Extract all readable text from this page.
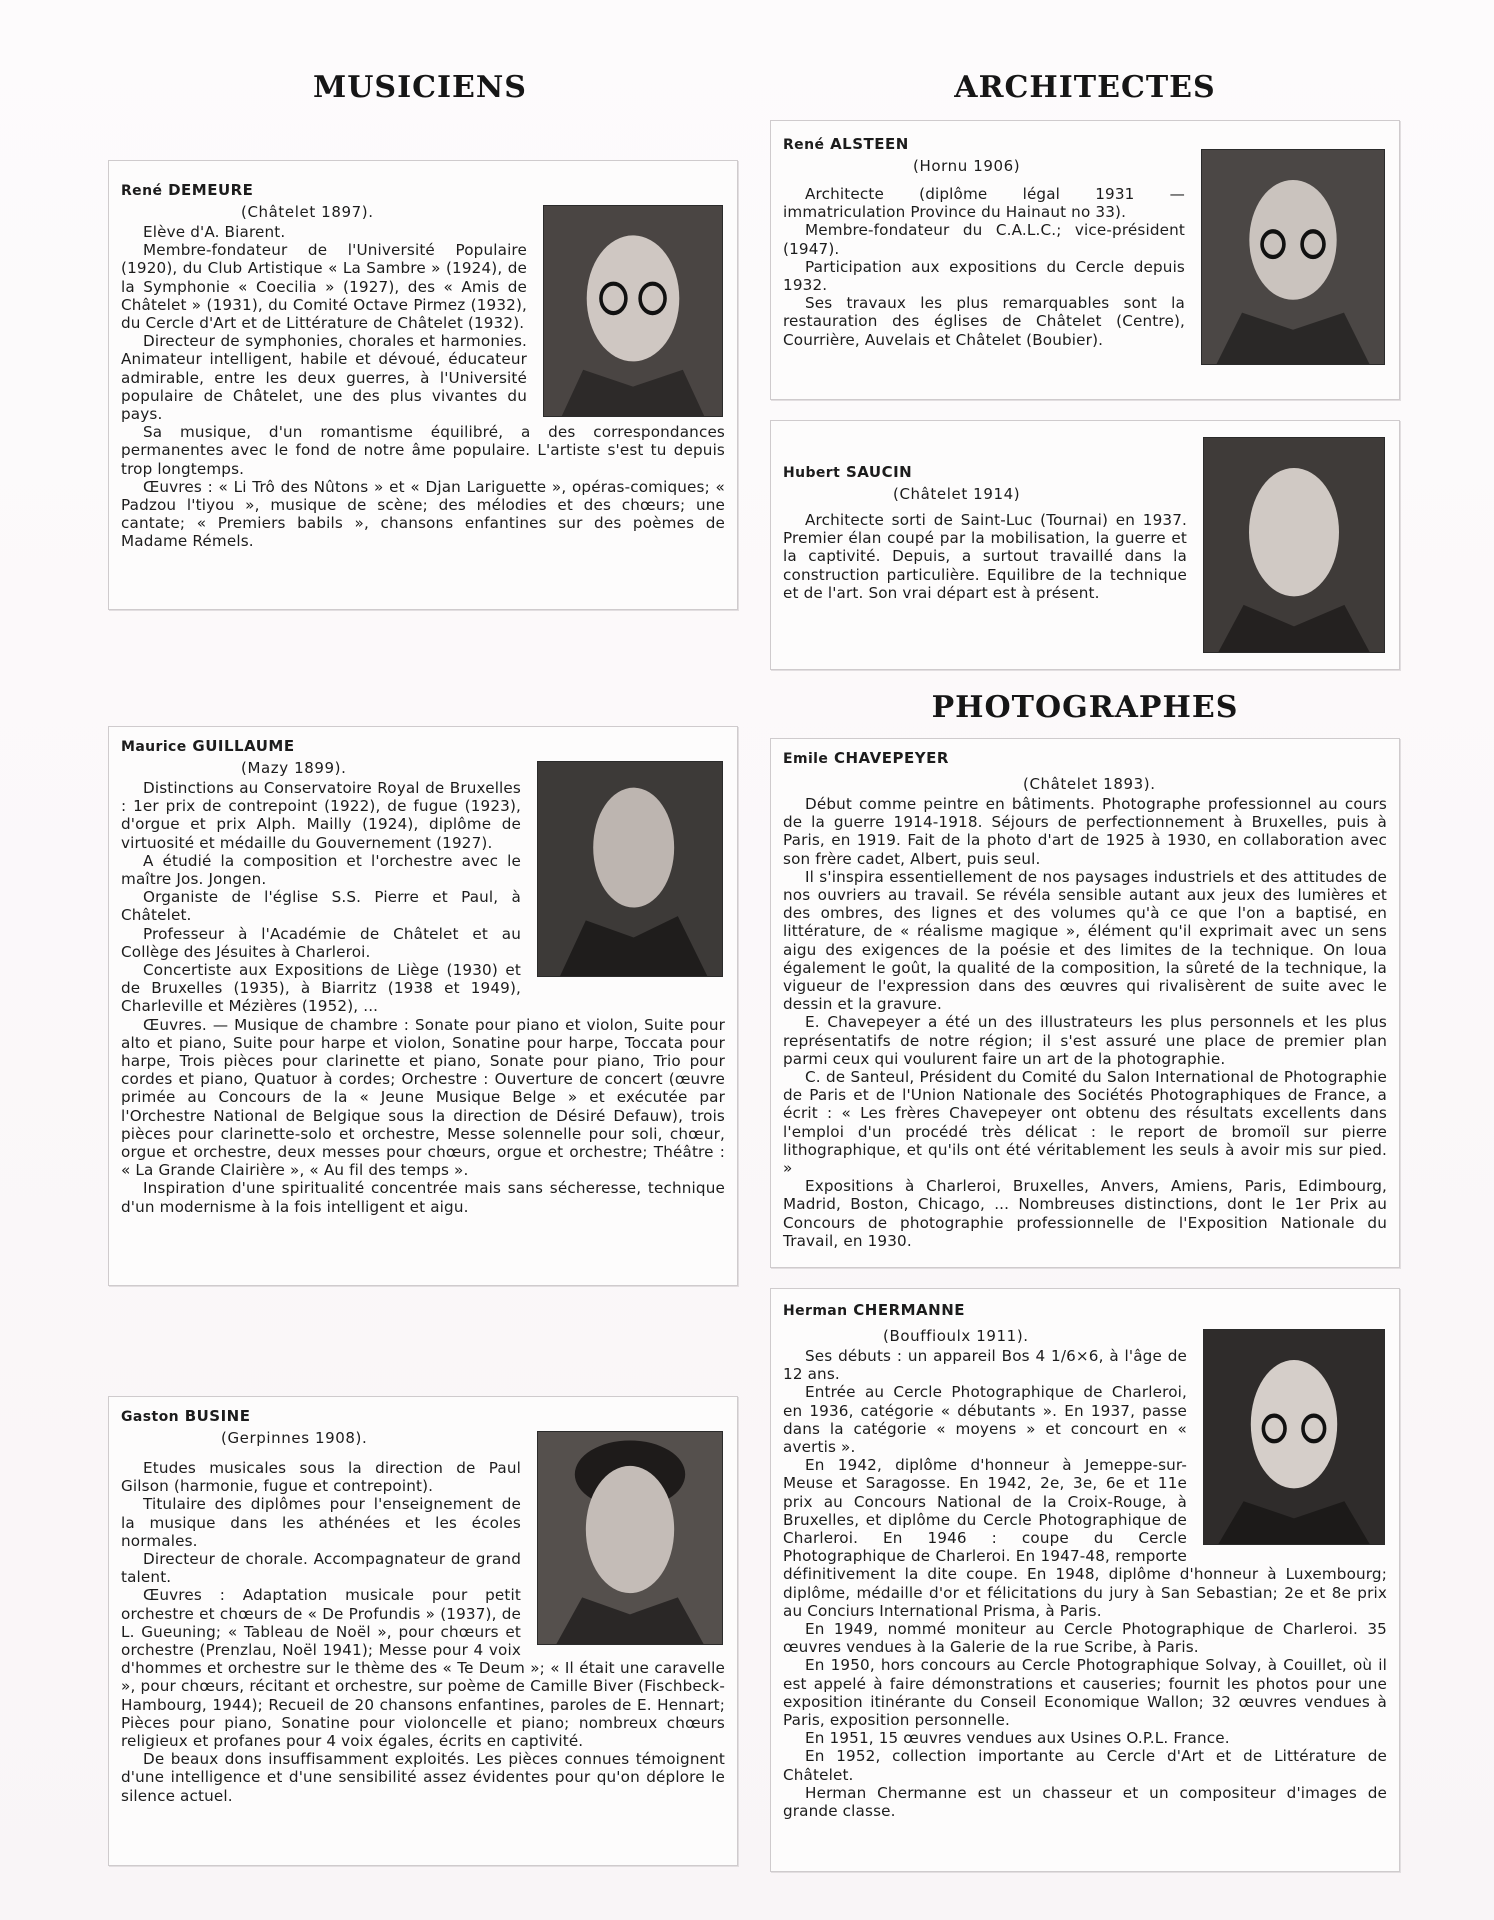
MUSICIENS	ARCHITECTES
PHOTOGRAPHES

René DEMEURE

(Châtelet 1897).

Elève d'A. Biarent.

Membre-fondateur de l'Université Populaire (1920), du Club Artistique « La Sambre » (1924), de la Symphonie « Coecilia » (1927), des « Amis de Châtelet » (1931), du Comité Octave Pirmez (1932), du Cercle d'Art et de Littérature de Châtelet (1932).

Directeur de symphonies, chorales et harmonies. Animateur intelligent, habile et dévoué, éducateur admirable, entre les deux guerres, à l'Université populaire de Châtelet, une des plus vivantes du pays.

Sa musique, d'un romantisme équilibré, a des correspondances permanentes avec le fond de notre âme populaire. L'artiste s'est tu depuis trop longtemps.

Œuvres : « Li Trô des Nûtons » et « Djan Lariguette », opéras-comiques; « Padzou l'tiyou », musique de scène; des mélodies et des chœurs; une cantate; « Premiers babils », chansons enfantines sur des poèmes de Madame Rémels.

Maurice GUILLAUME

(Mazy 1899).

Distinctions au Conservatoire Royal de Bruxelles : 1er prix de contrepoint (1922), de fugue (1923), d'orgue et prix Alph. Mailly (1924), diplôme de virtuosité et médaille du Gouvernement (1927).

A étudié la composition et l'orchestre avec le maître Jos. Jongen.

Organiste de l'église S.S. Pierre et Paul, à Châtelet.

Professeur à l'Académie de Châtelet et au Collège des Jésuites à Charleroi.

Concertiste aux Expositions de Liège (1930) et de Bruxelles (1935), à Biarritz (1938 et 1949), Charleville et Mézières (1952), ...

Œuvres. — Musique de chambre : Sonate pour piano et violon, Suite pour alto et piano, Suite pour harpe et violon, Sonatine pour harpe, Toccata pour harpe, Trois pièces pour clarinette et piano, Sonate pour piano, Trio pour cordes et piano, Quatuor à cordes; Orchestre : Ouverture de concert (œuvre primée au Concours de la « Jeune Musique Belge » et exécutée par l'Orchestre National de Belgique sous la direction de Désiré Defauw), trois pièces pour clarinette-solo et orchestre, Messe solennelle pour soli, chœur, orgue et orchestre, deux messes pour chœurs, orgue et orchestre; Théâtre : « La Grande Clairière », « Au fil des temps ».

Inspiration d'une spiritualité concentrée mais sans sécheresse, technique d'un modernisme à la fois intelligent et aigu.

Gaston BUSINE

(Gerpinnes 1908).

Etudes musicales sous la direction de Paul Gilson (harmonie, fugue et contrepoint).

Titulaire des diplômes pour l'enseignement de la musique dans les athénées et les écoles normales.

Directeur de chorale. Accompagnateur de grand talent.

Œuvres : Adaptation musicale pour petit orchestre et chœurs de « De Profundis » (1937), de L. Gueuning; « Tableau de Noël », pour chœurs et orchestre (Prenzlau, Noël 1941); Messe pour 4 voix d'hommes et orchestre sur le thème des « Te Deum »; « Il était une caravelle », pour chœurs, récitant et orchestre, sur poème de Camille Biver (Fischbeck-Hambourg, 1944); Recueil de 20 chansons enfantines, paroles de E. Hennart; Pièces pour piano, Sonatine pour violoncelle et piano; nombreux chœurs religieux et profanes pour 4 voix égales, écrits en captivité.

De beaux dons insuffisamment exploités. Les pièces connues témoignent d'une intelligence et d'une sensibilité assez évidentes pour qu'on déplore le silence actuel.

René ALSTEEN

(Hornu 1906)

Architecte (diplôme légal 1931 — immatriculation Province du Hainaut no 33).

Membre-fondateur du C.A.L.C.; vice-président (1947).

Participation aux expositions du Cercle depuis 1932.

Ses travaux les plus remarquables sont la restauration des églises de Châtelet (Centre), Courrière, Auvelais et Châtelet (Boubier).

Hubert SAUCIN

(Châtelet 1914)

Architecte sorti de Saint-Luc (Tournai) en 1937. Premier élan coupé par la mobilisation, la guerre et la captivité. Depuis, a surtout travaillé dans la construction particulière. Equilibre de la technique et de l'art. Son vrai départ est à présent.

Emile CHAVEPEYER

(Châtelet 1893).

Début comme peintre en bâtiments. Photographe professionnel au cours de la guerre 1914-1918. Séjours de perfectionnement à Bruxelles, puis à Paris, en 1919. Fait de la photo d'art de 1925 à 1930, en collaboration avec son frère cadet, Albert, puis seul.

Il s'inspira essentiellement de nos paysages industriels et des attitudes de nos ouvriers au travail. Se révéla sensible autant aux jeux des lumières et des ombres, des lignes et des volumes qu'à ce que l'on a baptisé, en littérature, de « réalisme magique », élément qu'il exprimait avec un sens aigu des exigences de la poésie et des limites de la technique. On loua également le goût, la qualité de la composition, la sûreté de la technique, la vigueur de l'expression dans des œuvres qui rivalisèrent de suite avec le dessin et la gravure.

E. Chavepeyer a été un des illustrateurs les plus personnels et les plus représentatifs de notre région; il s'est assuré une place de premier plan parmi ceux qui voulurent faire un art de la photographie.

C. de Santeul, Président du Comité du Salon International de Photographie de Paris et de l'Union Nationale des Sociétés Photographiques de France, a écrit : « Les frères Chavepeyer ont obtenu des résultats excellents dans l'emploi d'un procédé très délicat : le report de bromoïl sur pierre lithographique, et qu'ils ont été véritablement les seuls à avoir mis sur pied. »

Expositions à Charleroi, Bruxelles, Anvers, Amiens, Paris, Edimbourg, Madrid, Boston, Chicago, ... Nombreuses distinctions, dont le 1er Prix au Concours de photographie professionnelle de l'Exposition Nationale du Travail, en 1930.

Herman CHERMANNE

(Bouffioulx 1911).

Ses débuts : un appareil Bos 4 1/6×6, à l'âge de 12 ans.

Entrée au Cercle Photographique de Charleroi, en 1936, catégorie « débutants ». En 1937, passe dans la catégorie « moyens » et concourt en « avertis ».

En 1942, diplôme d'honneur à Jemeppe-sur-Meuse et Saragosse. En 1942, 2e, 3e, 6e et 11e prix au Concours National de la Croix-Rouge, à Bruxelles, et diplôme du Cercle Photographique de Charleroi. En 1946 : coupe du Cercle Photographique de Charleroi. En 1947-48, remporte définitivement la dite coupe. En 1948, diplôme d'honneur à Luxembourg; diplôme, médaille d'or et félicitations du jury à San Sebastian; 2e et 8e prix au Conciurs International Prisma, à Paris.

En 1949, nommé moniteur au Cercle Photographique de Charleroi. 35 œuvres vendues à la Galerie de la rue Scribe, à Paris.

En 1950, hors concours au Cercle Photographique Solvay, à Couillet, où il est appelé à faire démonstrations et causeries; fournit les photos pour une exposition itinérante du Conseil Economique Wallon; 32 œuvres vendues à Paris, exposition personnelle.

En 1951, 15 œuvres vendues aux Usines O.P.L. France.

En 1952, collection importante au Cercle d'Art et de Littérature de Châtelet.

Herman Chermanne est un chasseur et un compositeur d'images de grande classe.
